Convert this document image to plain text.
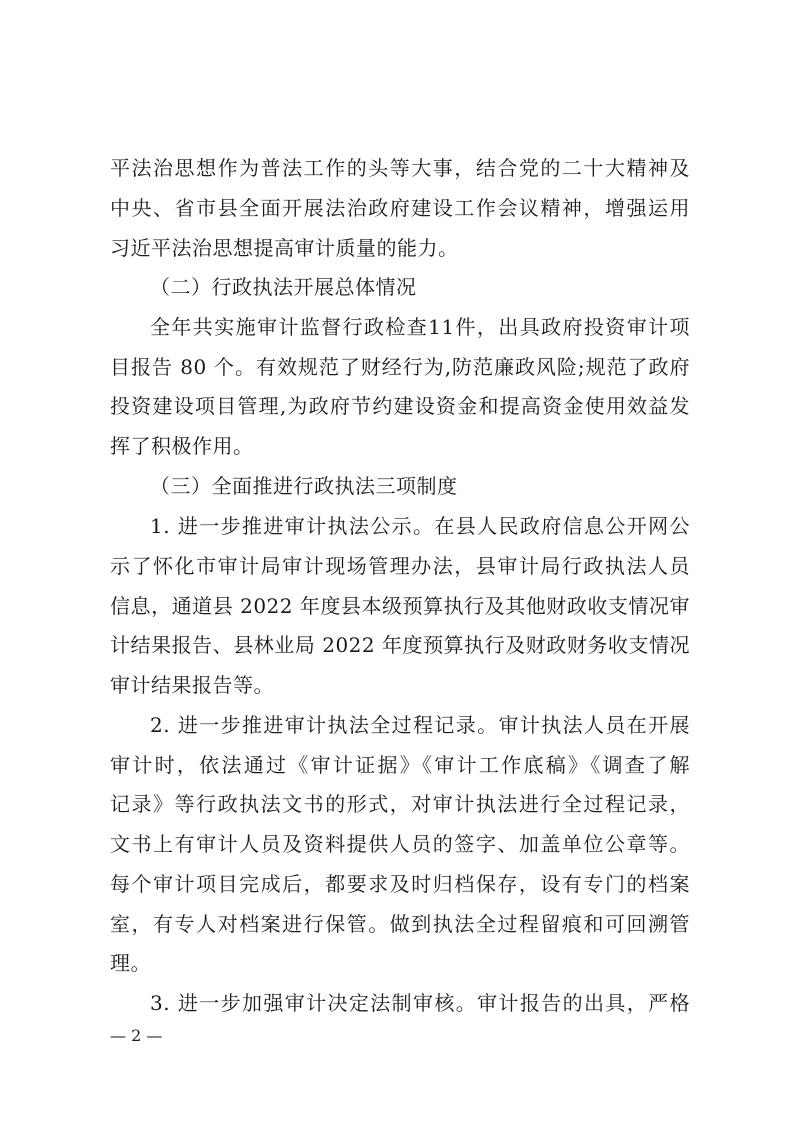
平法治思想作为普法工作的头等大事，结合党的二十大精神及
中央、省市县全面开展法治政府建设工作会议精神，增强运用
习近平法治思想提高审计质量的能力。
（二）行政执法开展总体情况
全年共实施审计监督行政检查11件，出具政府投资审计项
目报告 80 个。有效规范了财经行为,防范廉政风险;规范了政府
投资建设项目管理,为政府节约建设资金和提高资金使用效益发
挥了积极作用。
（三）全面推进行政执法三项制度
1. 进一步推进审计执法公示。在县人民政府信息公开网公
示了怀化市审计局审计现场管理办法，县审计局行政执法人员
信息，通道县 2022 年度县本级预算执行及其他财政收支情况审
计结果报告、县林业局 2022 年度预算执行及财政财务收支情况
审计结果报告等。
2. 进一步推进审计执法全过程记录。审计执法人员在开展
审计时，依法通过《审计证据》《审计工作底稿》《调查了解
记录》等行政执法文书的形式，对审计执法进行全过程记录，
文书上有审计人员及资料提供人员的签字、加盖单位公章等。
每个审计项目完成后，都要求及时归档保存，设有专门的档案
室，有专人对档案进行保管。做到执法全过程留痕和可回溯管
理。
3. 进一步加强审计决定法制审核。审计报告的出具，严格
— 2 —
